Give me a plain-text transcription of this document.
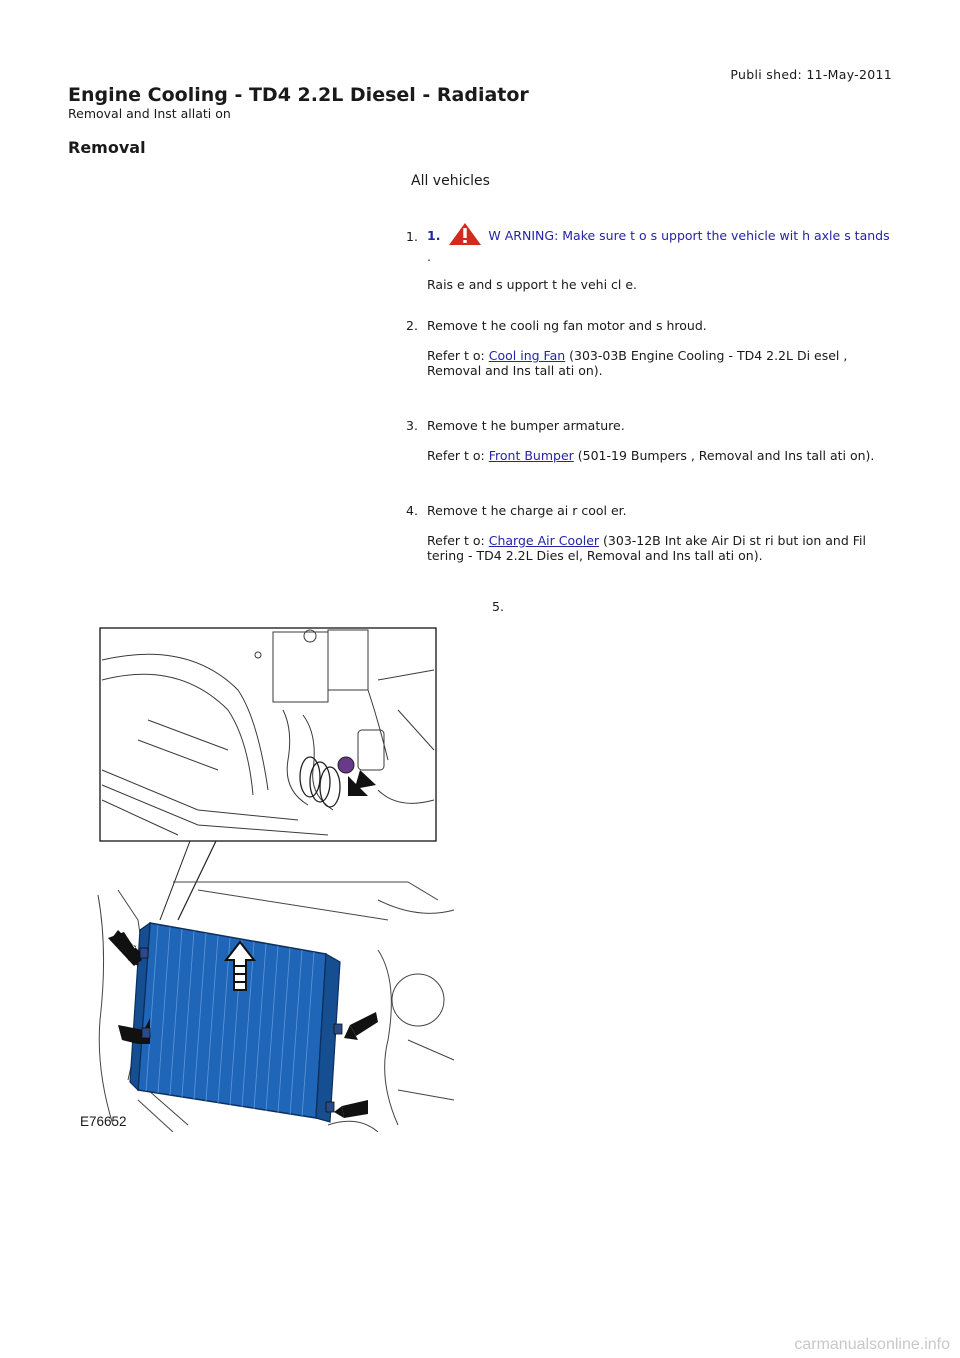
Publi shed: 11-May-2011
Engine Cooling - TD4 2.2L Diesel - Radiator
Removal and Inst allati on
Removal
All vehicles
1. 1.	W ARNING: Make sure t o s upport the vehicle wit h axle s tands .

Rais e and s upport t he vehi cl e.

2. Remove t he cooli ng fan motor and s hroud.

Refer t o: Cool ing Fan (303-03B Engine Cooling - TD4 2.2L Di esel , Removal and Ins tall ati on).

3. Remove t he bumper armature.

Refer t o: Front Bumper (501-19 Bumpers , Removal and Ins tall ati on).

4. Remove t he charge ai r cool er.

Refer t o: Charge Air Cooler (303-12B Int ake Air Di st ri but ion and Fil tering - TD4 2.2L Dies el, Removal and Ins tall ati on).

5.
E76652
carmanualsonline.info
